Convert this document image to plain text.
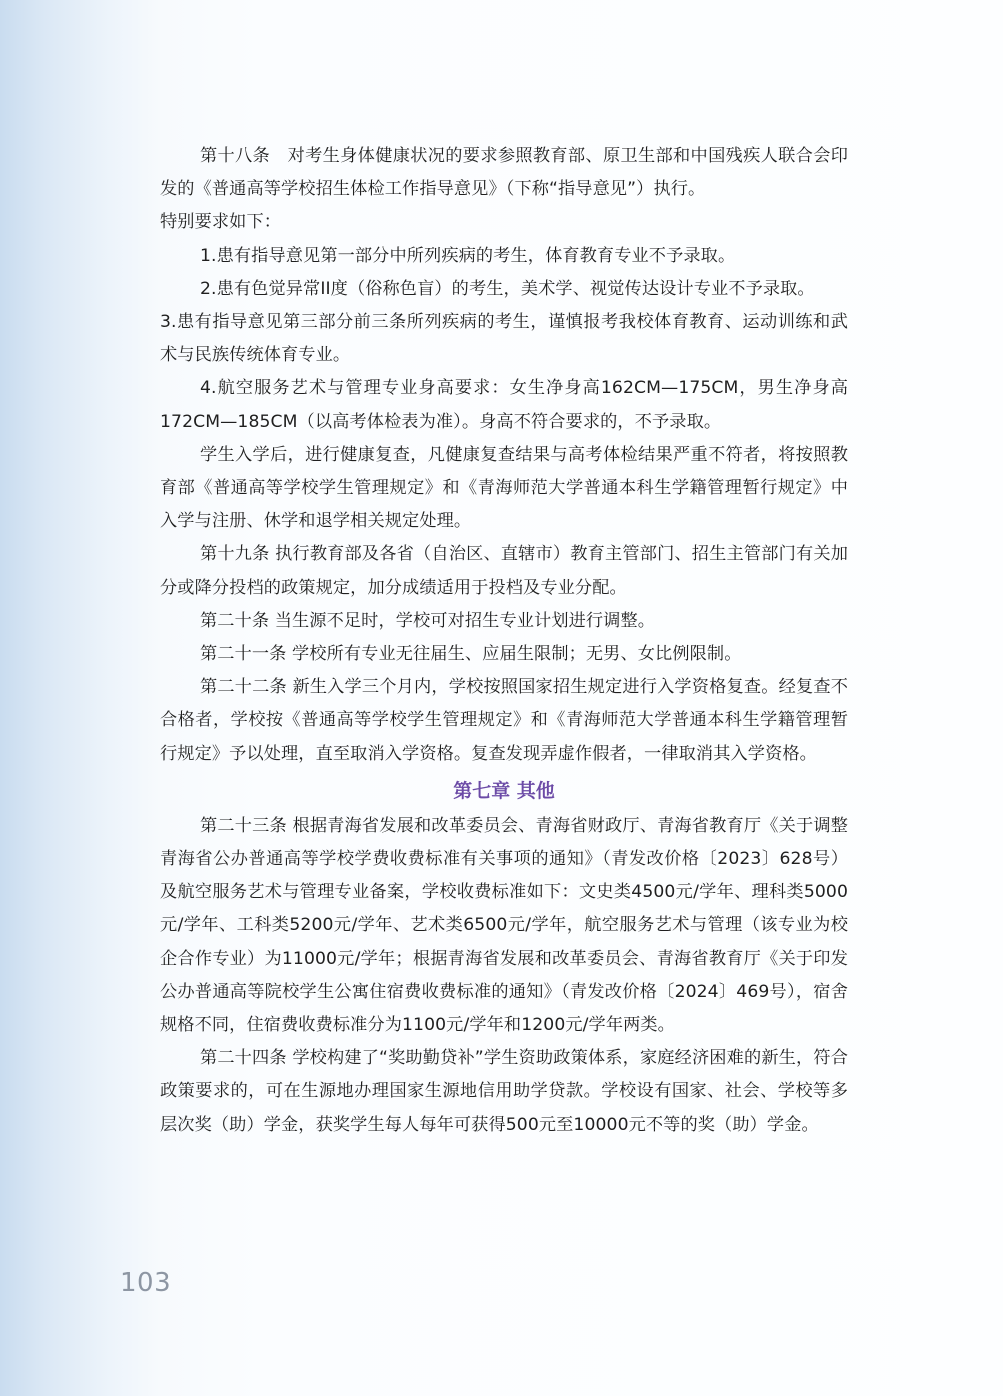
第十八条　对考生身体健康状况的要求参照教育部、原卫生部和中国残疾人联合会印发的《普通高等学校招生体检工作指导意见》（下称“指导意见”）执行。

特别要求如下：

1.患有指导意见第一部分中所列疾病的考生，体育教育专业不予录取。

2.患有色觉异常II度（俗称色盲）的考生，美术学、视觉传达设计专业不予录取。

3.患有指导意见第三部分前三条所列疾病的考生，谨慎报考我校体育教育、运动训练和武术与民族传统体育专业。

4.航空服务艺术与管理专业身高要求：女生净身高162CM—175CM，男生净身高172CM—185CM（以高考体检表为准）。身高不符合要求的，不予录取。

学生入学后，进行健康复查，凡健康复查结果与高考体检结果严重不符者，将按照教育部《普通高等学校学生管理规定》和《青海师范大学普通本科生学籍管理暂行规定》中入学与注册、休学和退学相关规定处理。

第十九条 执行教育部及各省（自治区、直辖市）教育主管部门、招生主管部门有关加分或降分投档的政策规定，加分成绩适用于投档及专业分配。

第二十条 当生源不足时，学校可对招生专业计划进行调整。

第二十一条 学校所有专业无往届生、应届生限制；无男、女比例限制。

第二十二条 新生入学三个月内，学校按照国家招生规定进行入学资格复查。经复查不合格者，学校按《普通高等学校学生管理规定》和《青海师范大学普通本科生学籍管理暂行规定》予以处理，直至取消入学资格。复查发现弄虚作假者，一律取消其入学资格。

第七章 其他

第二十三条 根据青海省发展和改革委员会、青海省财政厅、青海省教育厅《关于调整青海省公办普通高等学校学费收费标准有关事项的通知》（青发改价格〔2023〕628号）及航空服务艺术与管理专业备案，学校收费标准如下：文史类4500元/学年、理科类5000元/学年、工科类5200元/学年、艺术类6500元/学年，航空服务艺术与管理（该专业为校企合作专业）为11000元/学年；根据青海省发展和改革委员会、青海省教育厅《关于印发公办普通高等院校学生公寓住宿费收费标准的通知》（青发改价格〔2024〕469号），宿舍规格不同，住宿费收费标准分为1100元/学年和1200元/学年两类。

第二十四条 学校构建了“奖助勤贷补”学生资助政策体系，家庭经济困难的新生，符合政策要求的，可在生源地办理国家生源地信用助学贷款。学校设有国家、社会、学校等多层次奖（助）学金，获奖学生每人每年可获得500元至10000元不等的奖（助）学金。

103
